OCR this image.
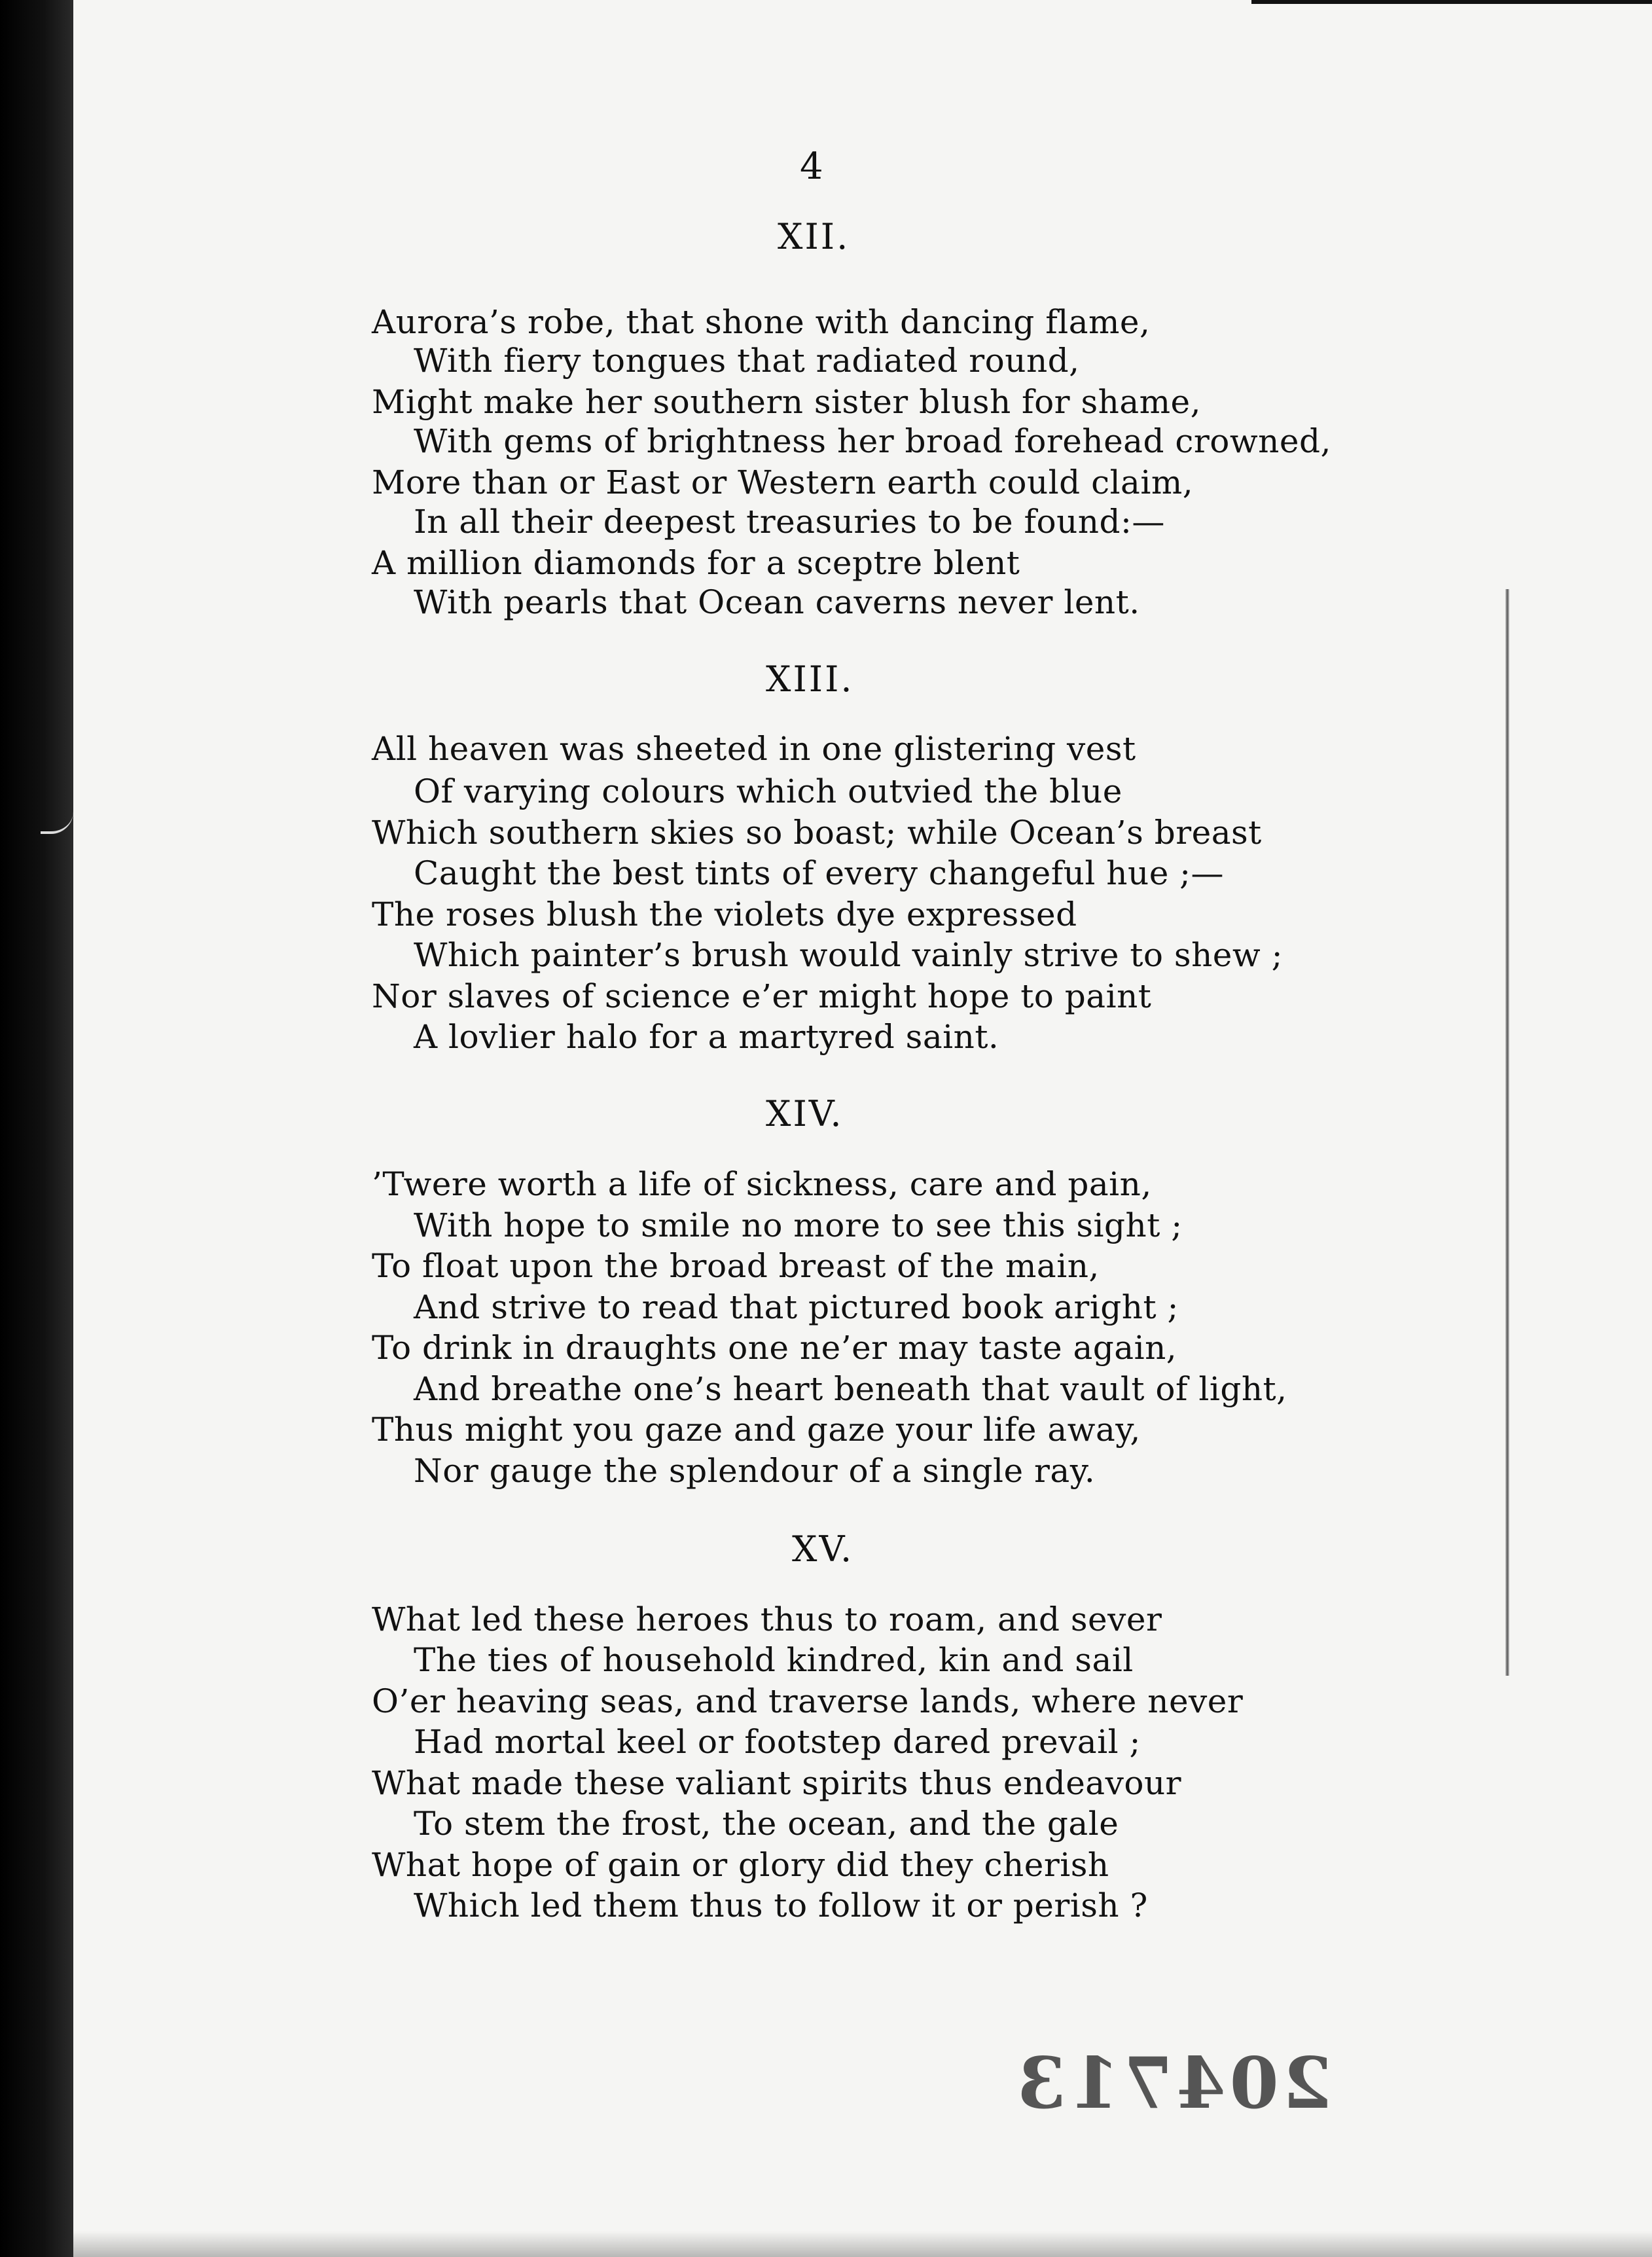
4
XII.
Aurora’s robe, that shone with dancing flame,
With fiery tongues that radiated round,
Might make her southern sister blush for shame,
With gems of brightness her broad forehead crowned,
More than or East or Western earth could claim,
In all their deepest treasuries to be found:—
A million diamonds for a sceptre blent
With pearls that Ocean caverns never lent.
XIII.
All heaven was sheeted in one glistering vest
Of varying colours which outvied the blue
Which southern skies so boast; while Ocean’s breast
Caught the best tints of every changeful hue ;—
The roses blush the violets dye expressed
Which painter’s brush would vainly strive to shew ;
Nor slaves of science e’er might hope to paint
A lovlier halo for a martyred saint.
XIV.
’Twere worth a life of sickness, care and pain,
With hope to smile no more to see this sight ;
To float upon the broad breast of the main,
And strive to read that pictured book aright ;
To drink in draughts one ne’er may taste again,
And breathe one’s heart beneath that vault of light,
Thus might you gaze and gaze your life away,
Nor gauge the splendour of a single ray.
XV.
What led these heroes thus to roam, and sever
The ties of household kindred, kin and sail
O’er heaving seas, and traverse lands, where never
Had mortal keel or footstep dared prevail ;
What made these valiant spirits thus endeavour
To stem the frost, the ocean, and the gale
What hope of gain or glory did they cherish
Which led them thus to follow it or perish ?
204713
